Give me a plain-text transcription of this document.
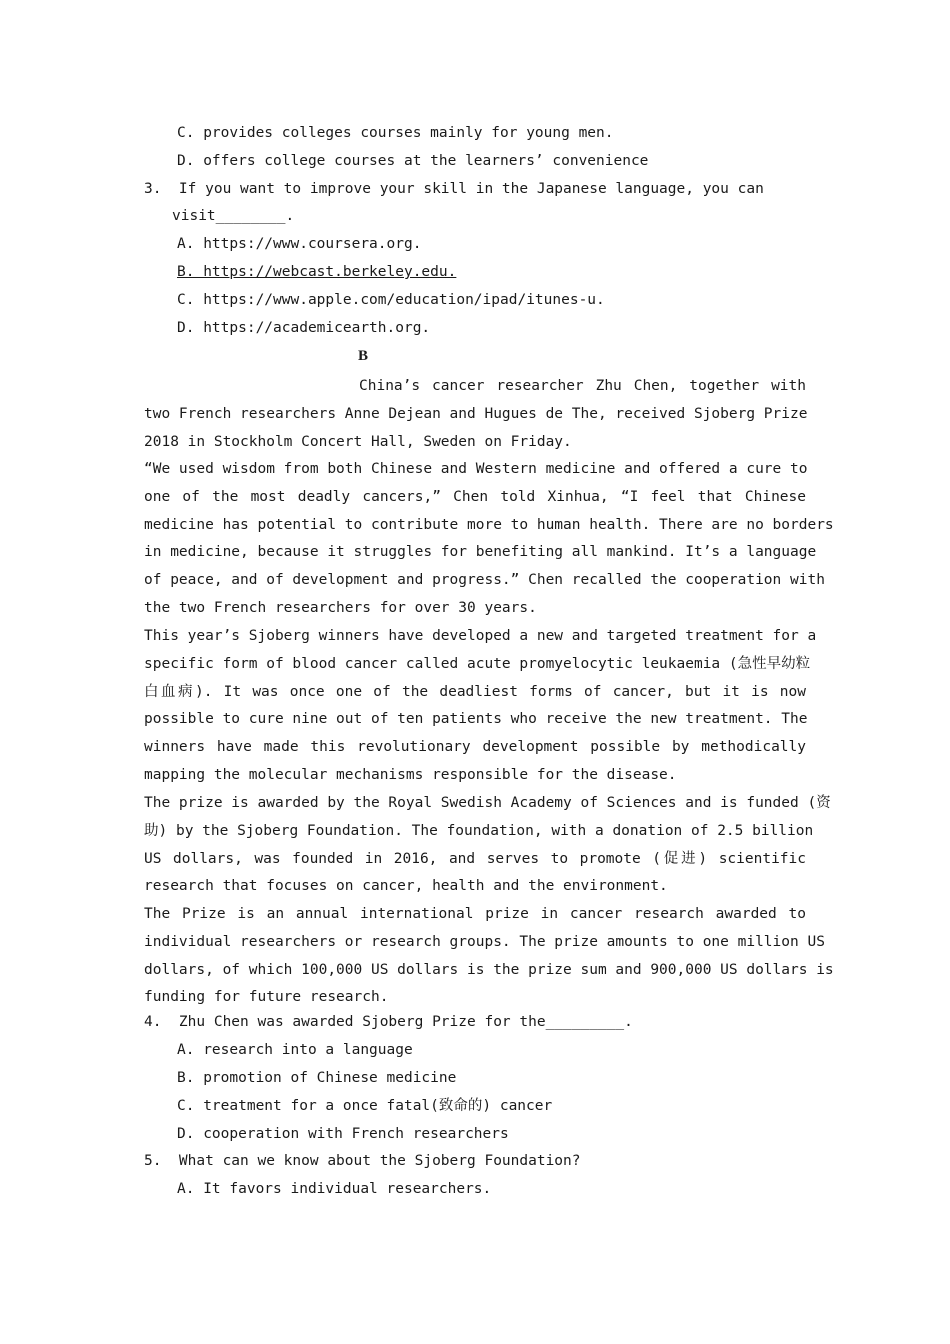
C. provides colleges courses mainly for young men.
D. offers college courses at the learners’ convenience
3.  If you want to improve your skill in the Japanese language, you can
visit________.
A. https://www.coursera.org.
B. https://webcast.berkeley.edu.
C. https://www.apple.com/education/ipad/itunes-u.
D. https://academicearth.org.
B
China’s cancer researcher Zhu Chen, together with
two French researchers Anne Dejean and Hugues de The, received Sjoberg Prize
2018 in Stockholm Concert Hall, Sweden on Friday.
“We used wisdom from both Chinese and Western medicine and offered a cure to
one of the most deadly cancers,” Chen told Xinhua, “I feel that Chinese
medicine has potential to contribute more to human health. There are no borders
in medicine, because it struggles for benefiting all mankind. It’s a language
of peace, and of development and progress.” Chen recalled the cooperation with
the two French researchers for over 30 years.
This year’s Sjoberg winners have developed a new and targeted treatment for a
specific form of blood cancer called acute promyelocytic leukaemia (急性早幼粒
白血病). It was once one of the deadliest forms of cancer, but it is now
possible to cure nine out of ten patients who receive the new treatment. The
winners have made this revolutionary development possible by methodically
mapping the molecular mechanisms responsible for the disease.
The prize is awarded by the Royal Swedish Academy of Sciences and is funded (资
助) by the Sjoberg Foundation. The foundation, with a donation of 2.5 billion
US dollars, was founded in 2016, and serves to promote (促进) scientific
research that focuses on cancer, health and the environment.
The Prize is an annual international prize in cancer research awarded to
individual researchers or research groups. The prize amounts to one million US
dollars, of which 100,000 US dollars is the prize sum and 900,000 US dollars is
funding for future research.
4.  Zhu Chen was awarded Sjoberg Prize for the_________.
A. research into a language
B. promotion of Chinese medicine
C. treatment for a once fatal(致命的) cancer
D. cooperation with French researchers
5.  What can we know about the Sjoberg Foundation?
A. It favors individual researchers.
